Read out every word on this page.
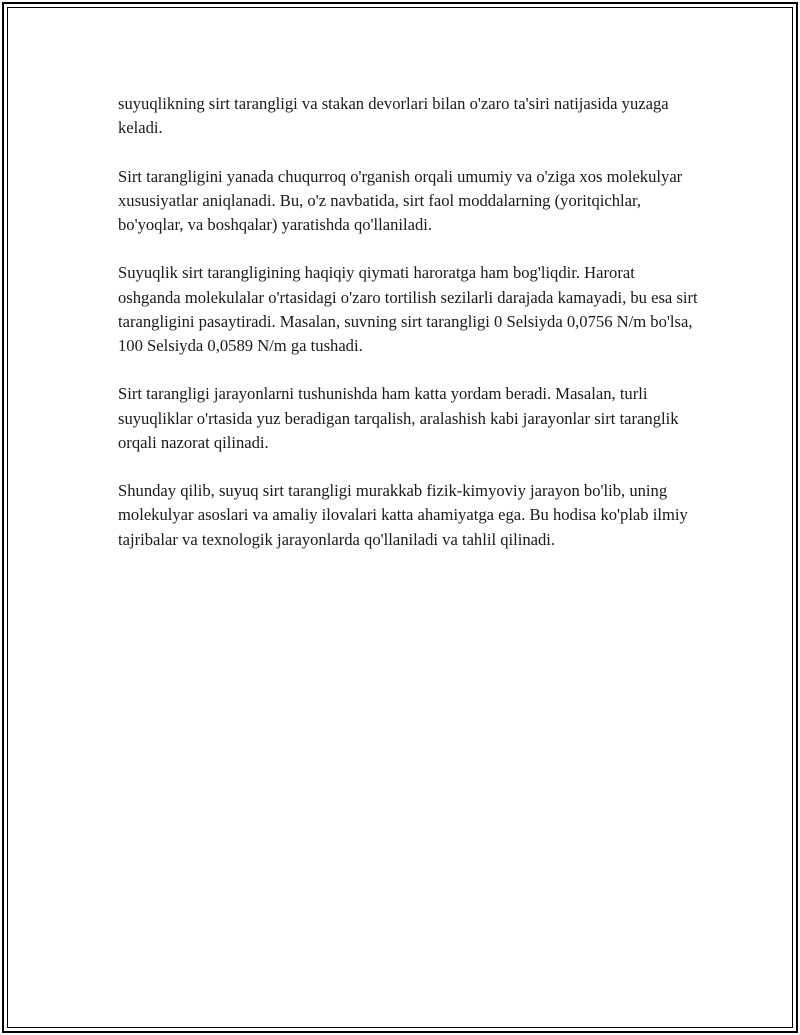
suyuqlikning sirt tarangligi va stakan devorlari bilan o'zaro ta'siri natijasida yuzaga keladi.

Sirt tarangligini yanada chuqurroq o'rganish orqali umumiy va o'ziga xos molekulyar xususiyatlar aniqlanadi. Bu, o'z navbatida, sirt faol moddalarning (yoritqichlar, bo'yoqlar, va boshqalar) yaratishda qo'llaniladi.

Suyuqlik sirt tarangligining haqiqiy qiymati haroratga ham bog'liqdir. Harorat oshganda molekulalar o'rtasidagi o'zaro tortilish sezilarli darajada kamayadi, bu esa sirt tarangligini pasaytiradi. Masalan, suvning sirt tarangligi 0 Selsiyda 0,0756 N/m bo'lsa, 100 Selsiyda 0,0589 N/m ga tushadi.

Sirt tarangligi jarayonlarni tushunishda ham katta yordam beradi. Masalan, turli suyuqliklar o'rtasida yuz beradigan tarqalish, aralashish kabi jarayonlar sirt taranglik orqali nazorat qilinadi.

Shunday qilib, suyuq sirt tarangligi murakkab fizik-kimyoviy jarayon bo'lib, uning molekulyar asoslari va amaliy ilovalari katta ahamiyatga ega. Bu hodisa ko'plab ilmiy tajribalar va texnologik jarayonlarda qo'llaniladi va tahlil qilinadi.
